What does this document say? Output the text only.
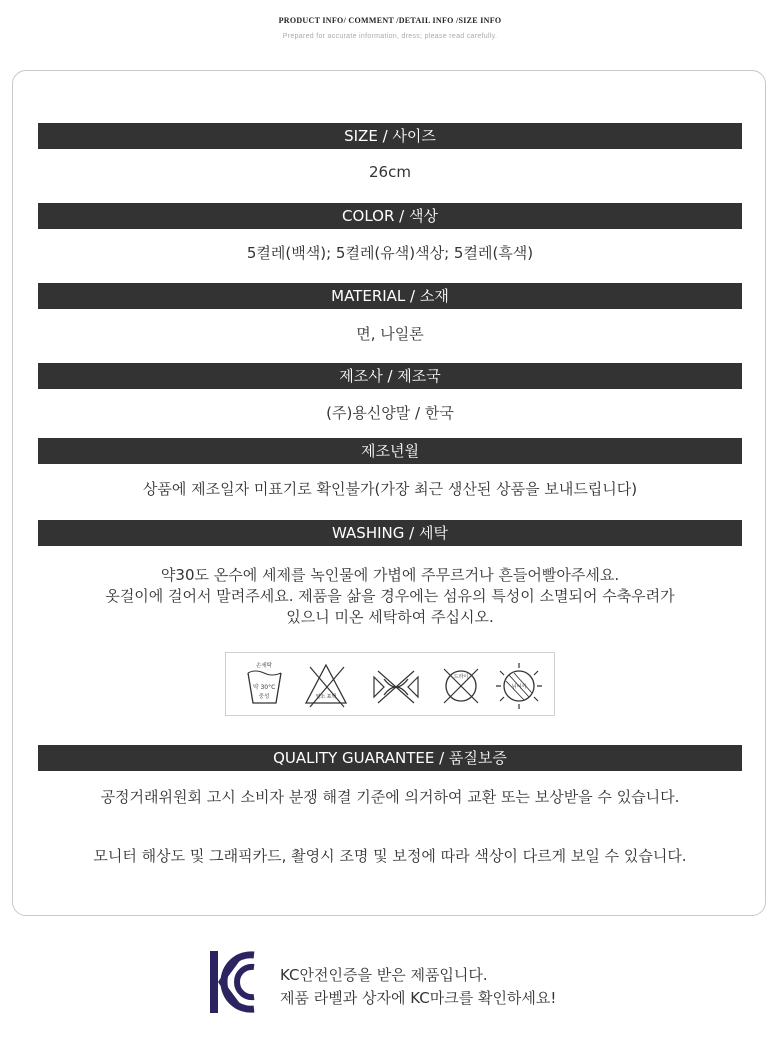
PRODUCT INFO/ COMMENT /DETAIL INFO /SIZE INFO
Prepared for accurate information, dress; please read carefully.
SIZE / 사이즈
26cm
COLOR / 색상
5켤레(백색); 5켤레(유색)색상; 5켤레(흑색)
MATERIAL / 소재
면, 나일론
제조사 / 제조국
(주)용신양말 / 한국
제조년월
상품에 제조일자 미표기로 확인불가(가장 최근 생산된 상품을 보내드립니다)
WASHING / 세탁
약30도 온수에 세제를 녹인물에 가볍에 주무르거나 흔들어빨아주세요.
옷걸이에 걸어서 말려주세요. 제품을 삶을 경우에는 섬유의 특성이 소멸되어 수축우려가
있으니 미온 세탁하여 주십시오.
손세탁
약 30°C
중성	염소 표백
드라이
뉘어서
QUALITY GUARANTEE / 품질보증
공정거래위원회 고시 소비자 분쟁 해결 기준에 의거하여 교환 또는 보상받을 수 있습니다.
모니터 해상도 및 그래픽카드, 촬영시 조명 및 보정에 따라 색상이 다르게 보일 수 있습니다.
KC안전인증을 받은 제품입니다.
제품 라벨과 상자에 KC마크를 확인하세요!
